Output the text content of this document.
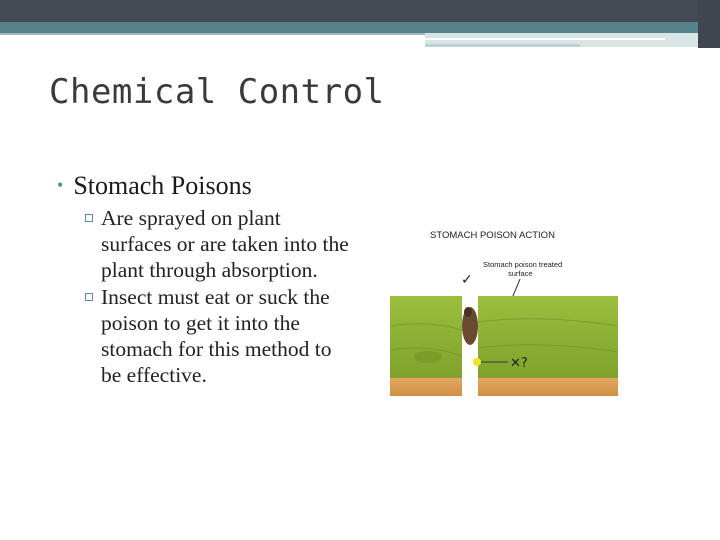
Chemical Control
• Stomach Poisons
Are sprayed on plant surfaces or are taken into the plant through absorption.
Insect must eat or suck the poison to get it into the stomach for this method to be effective.
STOMACH POISON ACTION
Stomach poison treated
surface
✓
✕?
